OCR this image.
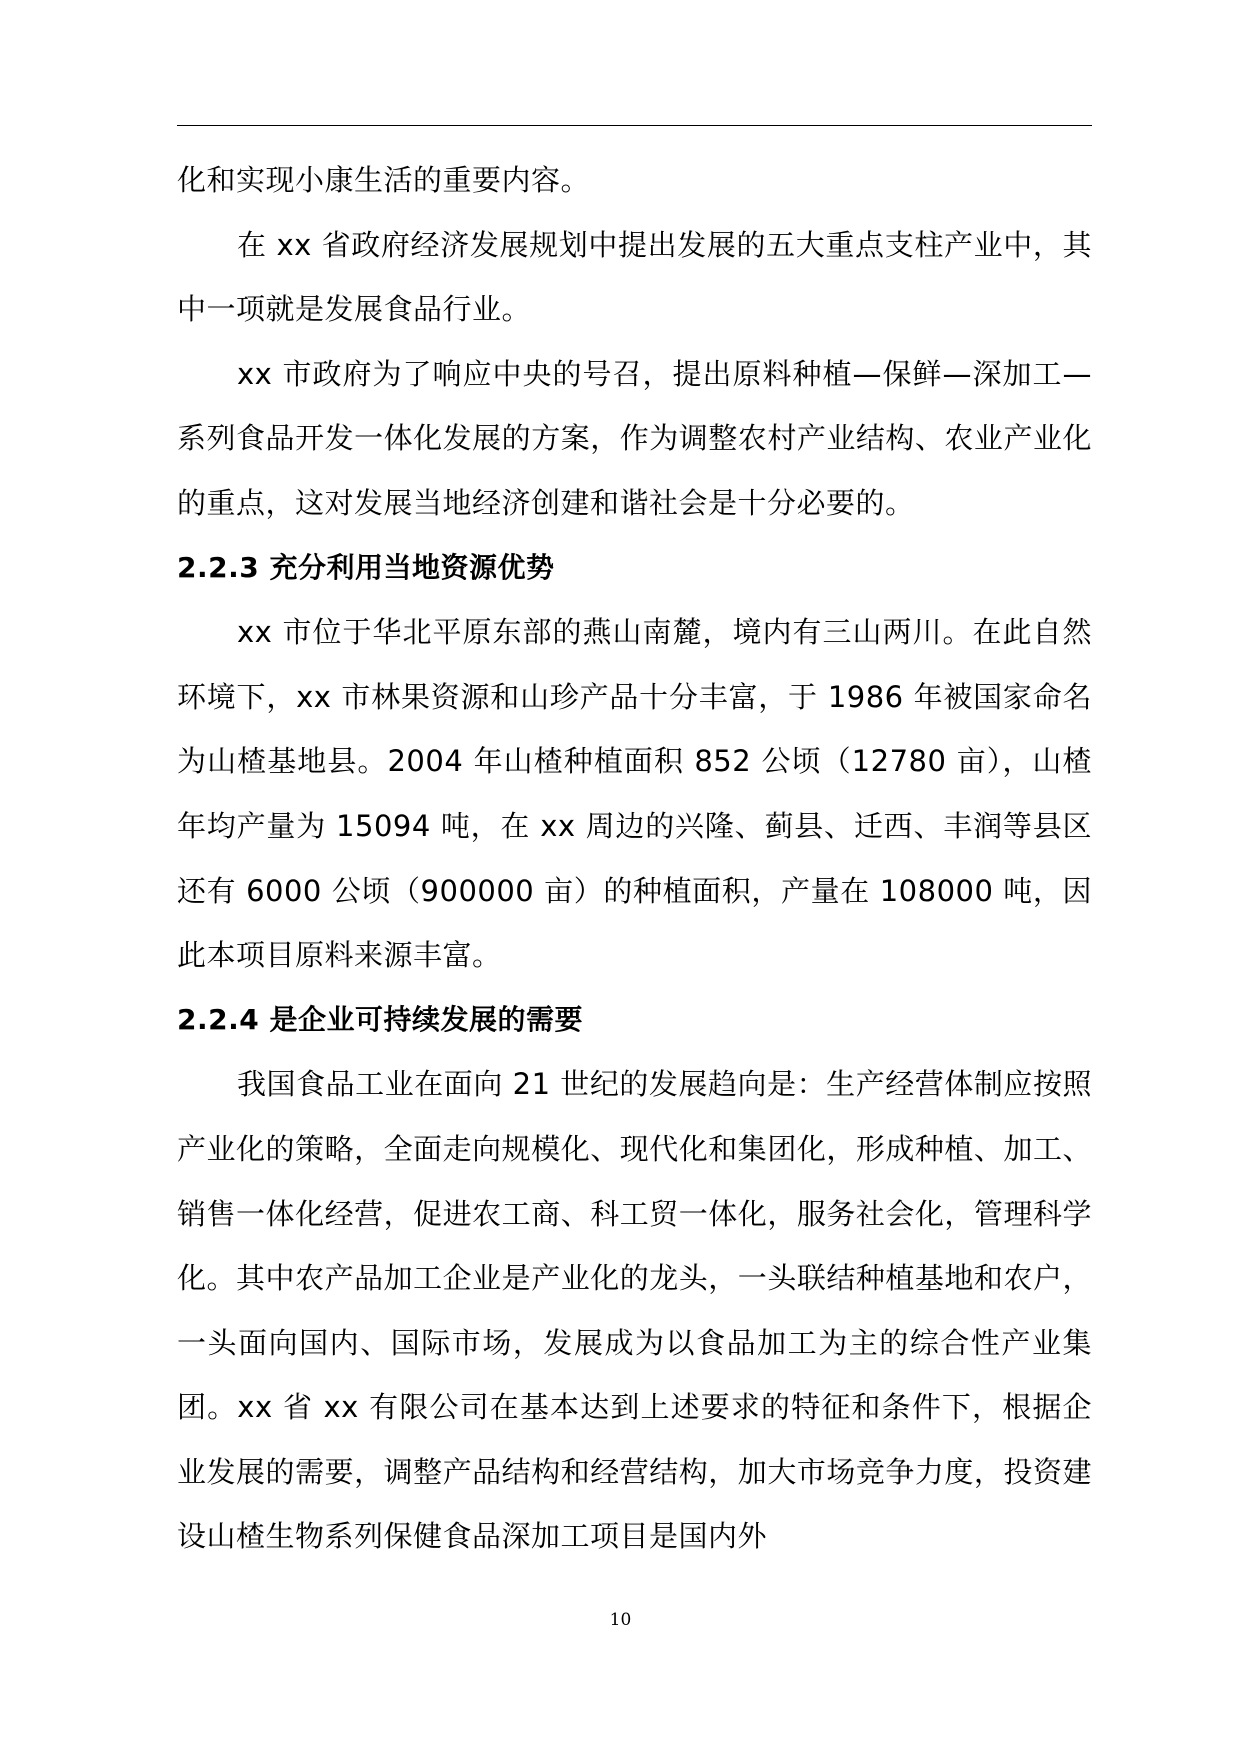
化和实现小康生活的重要内容。

在 xx 省政府经济发展规划中提出发展的五大重点支柱产业中，其中一项就是发展食品行业。

xx 市政府为了响应中央的号召，提出原料种植—保鲜—深加工—系列食品开发一体化发展的方案，作为调整农村产业结构、农业产业化的重点，这对发展当地经济创建和谐社会是十分必要的。

2.2.3 充分利用当地资源优势

xx 市位于华北平原东部的燕山南麓，境内有三山两川。在此自然环境下，xx 市林果资源和山珍产品十分丰富，于 1986 年被国家命名为山楂基地县。2004 年山楂种植面积 852 公顷（12780 亩），山楂年均产量为 15094 吨，在 xx 周边的兴隆、蓟县、迁西、丰润等县区还有 6000 公顷（900000 亩）的种植面积，产量在 108000 吨，因此本项目原料来源丰富。

2.2.4 是企业可持续发展的需要

我国食品工业在面向 21 世纪的发展趋向是：生产经营体制应按照产业化的策略，全面走向规模化、现代化和集团化，形成种植、加工、销售一体化经营，促进农工商、科工贸一体化，服务社会化，管理科学化。其中农产品加工企业是产业化的龙头，一头联结种植基地和农户，一头面向国内、国际市场，发展成为以食品加工为主的综合性产业集团。xx 省 xx 有限公司在基本达到上述要求的特征和条件下，根据企业发展的需要，调整产品结构和经营结构，加大市场竞争力度，投资建设山楂生物系列保健食品深加工项目是国内外

10
